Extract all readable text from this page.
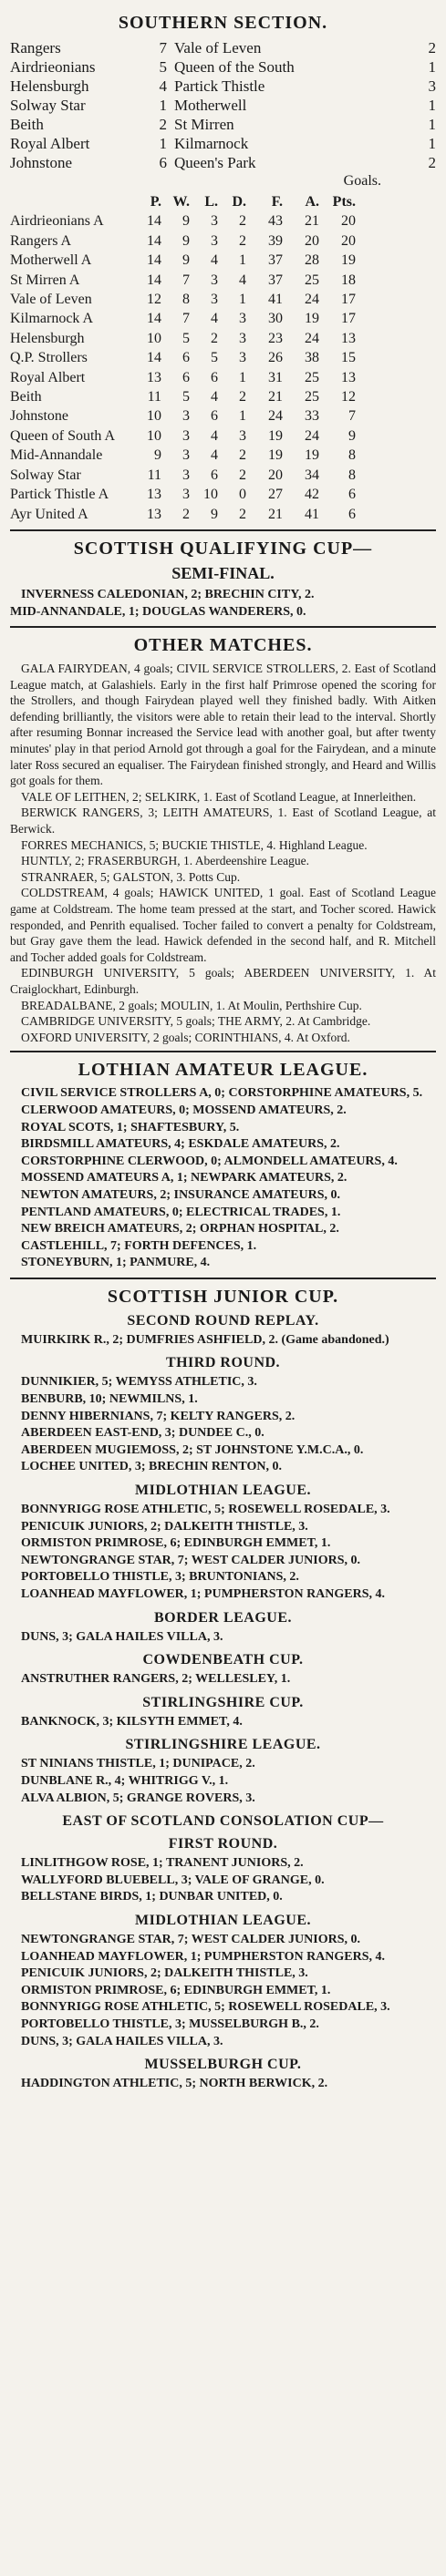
SOUTHERN SECTION.
Rangers	7 Vale of Leven	2
Airdrieonians	5 Queen of the South	1
Helensburgh	4 Partick Thistle	3
Solway Star	1 Motherwell	1
Beith	2 St Mirren	1
Royal Albert	1 Kilmarnock	1
Johnstone	6 Queen's Park	2
Goals.
P. W.	L. D.	F.	A. Pts.
Airdrieonians A	14	9	3	2	43	21	20
Rangers A	14	9	3	2	39	20	20
Motherwell A	14	9	4	1	37	28	19
St Mirren A	14	7	3	4	37	25	18
Vale of Leven	12	8	3	1	41	24	17
Kilmarnock A	14	7	4	3	30	19	17
Helensburgh	10	5	2	3	23	24	13
Q.P. Strollers	14	6	5	3	26	38	15
Royal Albert	13	6	6	1	31	25	13
Beith	11	5	4	2	21	25	12
Johnstone	10	3	6	1	24	33	7
Queen of South A	10	3	4	3	19	24	9
Mid-Annandale	9	3	4	2	19	19	8
Solway Star	11	3	6	2	20	34	8
Partick Thistle A	13	3 10	0	27	42	6
Ayr United A	13	2	9	2	21	41	6
SCOTTISH QUALIFYING CUP—
SEMI-FINAL.

INVERNESS CALEDONIAN, 2; BRECHIN CITY, 2.

MID-ANNANDALE, 1; DOUGLAS WANDERERS, 0.

OTHER MATCHES.

GALA FAIRYDEAN, 4 goals; CIVIL SERVICE STROLLERS, 2. East of Scotland League match, at Galashiels. Early in the first half Primrose opened the scoring for the Strollers, and though Fairydean played well they finished badly. With Aitken defending brilliantly, the visitors were able to retain their lead to the interval. Shortly after resuming Bonnar increased the Service lead with another goal, but after twenty minutes' play in that period Arnold got through a goal for the Fairydean, and a minute later Ross secured an equaliser. The Fairydean finished strongly, and Heard and Willis got goals for them.

VALE OF LEITHEN, 2; SELKIRK, 1. East of Scotland League, at Innerleithen.

BERWICK RANGERS, 3; LEITH AMATEURS, 1. East of Scotland League, at Berwick.

FORRES MECHANICS, 5; BUCKIE THISTLE, 4. Highland League.

HUNTLY, 2; FRASERBURGH, 1. Aberdeenshire League.

STRANRAER, 5; GALSTON, 3. Potts Cup.

COLDSTREAM, 4 goals; HAWICK UNITED, 1 goal. East of Scotland League game at Coldstream. The home team pressed at the start, and Tocher scored. Hawick responded, and Penrith equalised. Tocher failed to convert a penalty for Coldstream, but Gray gave them the lead. Hawick defended in the second half, and R. Mitchell and Tocher added goals for Coldstream.

EDINBURGH UNIVERSITY, 5 goals; ABERDEEN UNIVERSITY, 1. At Craiglockhart, Edinburgh.

BREADALBANE, 2 goals; MOULIN, 1. At Moulin, Perthshire Cup.

CAMBRIDGE UNIVERSITY, 5 goals; THE ARMY, 2. At Cambridge.

OXFORD UNIVERSITY, 2 goals; CORINTHIANS, 4. At Oxford.

LOTHIAN AMATEUR LEAGUE.

CIVIL SERVICE STROLLERS A, 0; CORSTORPHINE AMATEURS, 5.

CLERWOOD AMATEURS, 0; MOSSEND AMATEURS, 2.

ROYAL SCOTS, 1; SHAFTESBURY, 5.

BIRDSMILL AMATEURS, 4; ESKDALE AMATEURS, 2.

CORSTORPHINE CLERWOOD, 0; ALMONDELL AMATEURS, 4.

MOSSEND AMATEURS A, 1; NEWPARK AMATEURS, 2.

NEWTON AMATEURS, 2; INSURANCE AMATEURS, 0.

PENTLAND AMATEURS, 0; ELECTRICAL TRADES, 1.

NEW BREICH AMATEURS, 2; ORPHAN HOSPITAL, 2.

CASTLEHILL, 7; FORTH DEFENCES, 1.

STONEYBURN, 1; PANMURE, 4.

SCOTTISH JUNIOR CUP.
SECOND ROUND REPLAY.

MUIRKIRK R., 2; DUMFRIES ASHFIELD, 2. (Game abandoned.)

THIRD ROUND.

DUNNIKIER, 5; WEMYSS ATHLETIC, 3.

BENBURB, 10; NEWMILNS, 1.

DENNY HIBERNIANS, 7; KELTY RANGERS, 2.

ABERDEEN EAST-END, 3; DUNDEE C., 0.

ABERDEEN MUGIEMOSS, 2; ST JOHNSTONE Y.M.C.A., 0.

LOCHEE UNITED, 3; BRECHIN RENTON, 0.

MIDLOTHIAN LEAGUE.

BONNYRIGG ROSE ATHLETIC, 5; ROSEWELL ROSEDALE, 3.

PENICUIK JUNIORS, 2; DALKEITH THISTLE, 3.

ORMISTON PRIMROSE, 6; EDINBURGH EMMET, 1.

NEWTONGRANGE STAR, 7; WEST CALDER JUNIORS, 0.

PORTOBELLO THISTLE, 3; BRUNTONIANS, 2.

LOANHEAD MAYFLOWER, 1; PUMPHERSTON RANGERS, 4.

BORDER LEAGUE.

DUNS, 3; GALA HAILES VILLA, 3.

COWDENBEATH CUP.

ANSTRUTHER RANGERS, 2; WELLESLEY, 1.

STIRLINGSHIRE CUP.

BANKNOCK, 3; KILSYTH EMMET, 4.

STIRLINGSHIRE LEAGUE.

ST NINIANS THISTLE, 1; DUNIPACE, 2.

DUNBLANE R., 4; WHITRIGG V., 1.

ALVA ALBION, 5; GRANGE ROVERS, 3.

EAST OF SCOTLAND CONSOLATION CUP—
FIRST ROUND.

LINLITHGOW ROSE, 1; TRANENT JUNIORS, 2.

WALLYFORD BLUEBELL, 3; VALE OF GRANGE, 0.

BELLSTANE BIRDS, 1; DUNBAR UNITED, 0.

MIDLOTHIAN LEAGUE.

NEWTONGRANGE STAR, 7; WEST CALDER JUNIORS, 0.

LOANHEAD MAYFLOWER, 1; PUMPHERSTON RANGERS, 4.

PENICUIK JUNIORS, 2; DALKEITH THISTLE, 3.

ORMISTON PRIMROSE, 6; EDINBURGH EMMET, 1.

BONNYRIGG ROSE ATHLETIC, 5; ROSEWELL ROSEDALE, 3.

PORTOBELLO THISTLE, 3; MUSSELBURGH B., 2.

DUNS, 3; GALA HAILES VILLA, 3.

MUSSELBURGH CUP.

HADDINGTON ATHLETIC, 5; NORTH BERWICK, 2.
